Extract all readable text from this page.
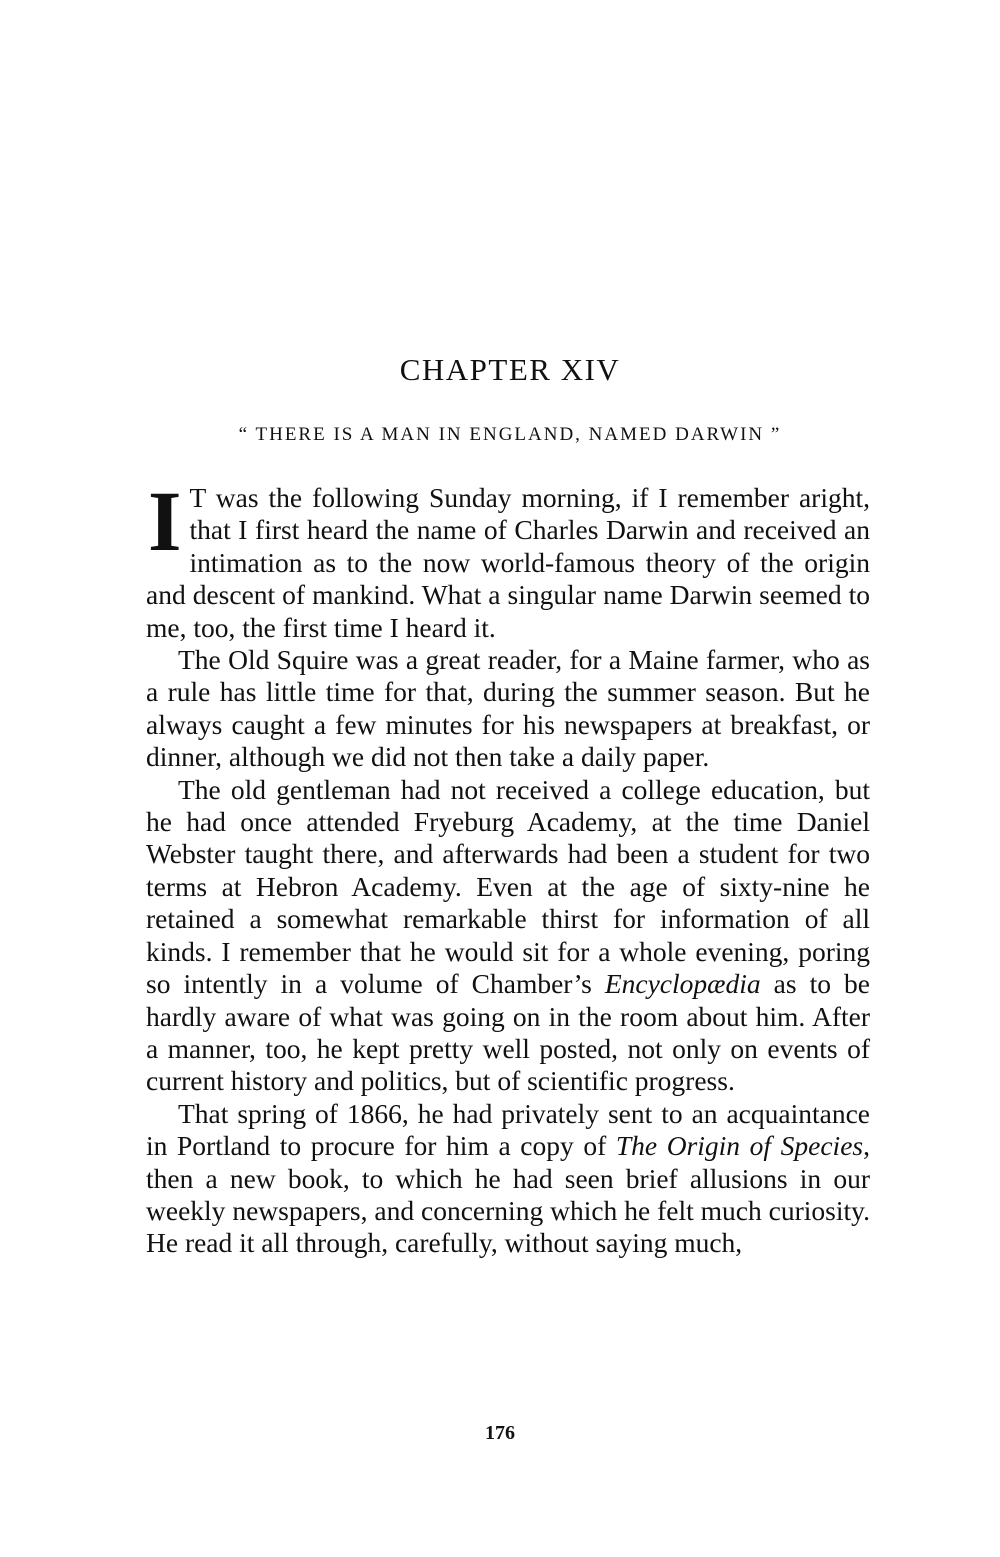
CHAPTER XIV
“ THERE IS A MAN IN ENGLAND, NAMED DARWIN ”

I T was the following Sunday morning, if I remember aright, that I first heard the name of Charles Darwin and received an intimation as to the now world-famous theory of the origin and descent of mankind. What a singular name Darwin seemed to me, too, the first time I heard it.

The Old Squire was a great reader, for a Maine farmer, who as a rule has little time for that, during the summer season. But he always caught a few minutes for his newspapers at breakfast, or dinner, although we did not then take a daily paper.

The old gentleman had not received a college education, but he had once attended Fryeburg Academy, at the time Daniel Webster taught there, and afterwards had been a student for two terms at Hebron Academy. Even at the age of sixty-nine he retained a somewhat remarkable thirst for information of all kinds. I remember that he would sit for a whole evening, poring so intently in a volume of Chamber’s Encyclopædia as to be hardly aware of what was going on in the room about him. After a manner, too, he kept pretty well posted, not only on events of current history and politics, but of scientific progress.

That spring of 1866, he had privately sent to an acquaintance in Portland to procure for him a copy of The Origin of Species, then a new book, to which he had seen brief allusions in our weekly newspapers, and concerning which he felt much curiosity. He read it all through, carefully, without saying much,

176
